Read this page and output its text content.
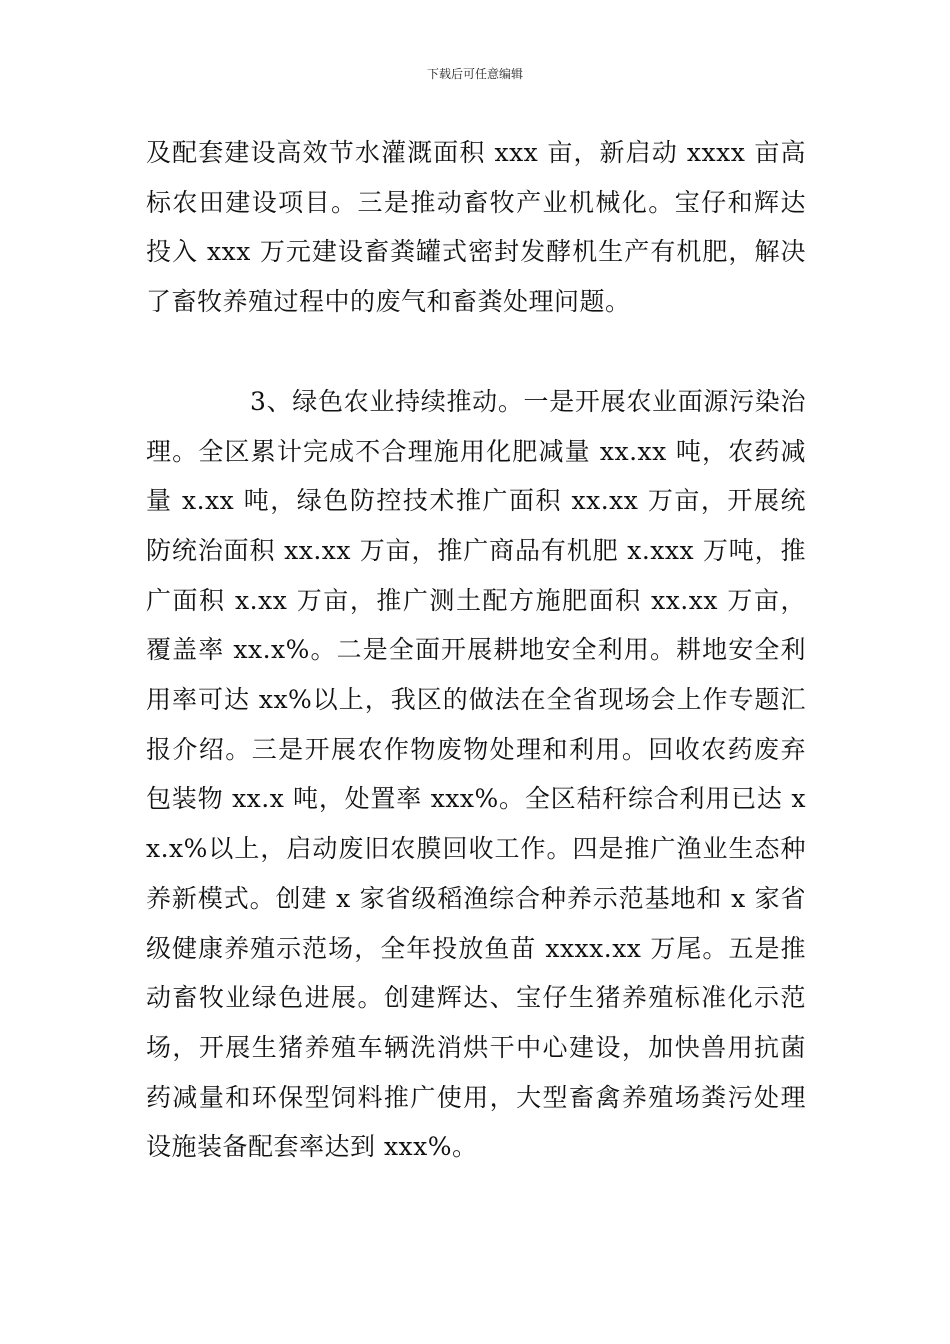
下载后可任意编辑

及配套建设高效节水灌溉面积 xxx 亩，新启动 xxxx 亩高标农田建设项目。三是推动畜牧产业机械化。宝仔和辉达投入 xxx 万元建设畜粪罐式密封发酵机生产有机肥，解决了畜牧养殖过程中的废气和畜粪处理问题。

3、绿色农业持续推动。一是开展农业面源污染治理。全区累计完成不合理施用化肥减量 xx.xx 吨，农药减量 x.xx 吨，绿色防控技术推广面积 xx.xx 万亩，开展统防统治面积 xx.xx 万亩，推广商品有机肥 x.xxx 万吨，推广面积 x.xx 万亩，推广测土配方施肥面积 xx.xx 万亩，覆盖率 xx.x%。二是全面开展耕地安全利用。耕地安全利用率可达 xx%以上，我区的做法在全省现场会上作专题汇报介绍。三是开展农作物废物处理和利用。回收农药废弃包装物 xx.x 吨，处置率 xxx%。全区秸秆综合利用已达 xx.x%以上，启动废旧农膜回收工作。四是推广渔业生态种养新模式。创建 x 家省级稻渔综合种养示范基地和 x 家省级健康养殖示范场，全年投放鱼苗 xxxx.xx 万尾。五是推动畜牧业绿色进展。创建辉达、宝仔生猪养殖标准化示范场，开展生猪养殖车辆洗消烘干中心建设，加快兽用抗菌药减量和环保型饲料推广使用，大型畜禽养殖场粪污处理设施装备配套率达到 xxx%。
